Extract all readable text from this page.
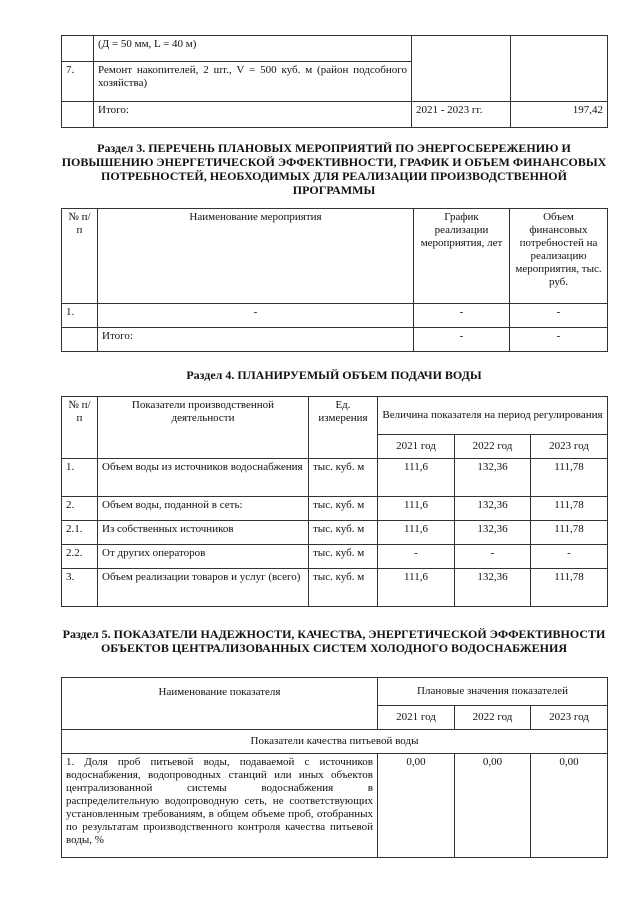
	(Д = 50 мм, L = 40 м)		
7.	Ремонт накопителей, 2 шт., V = 500 куб. м (район подсобного хозяйства)		
	Итого:	2021 - 2023 гг.	197,42
Раздел 3. ПЕРЕЧЕНЬ ПЛАНОВЫХ МЕРОПРИЯТИЙ ПО ЭНЕРГОСБЕРЕЖЕНИЮ И ПОВЫШЕНИЮ ЭНЕРГЕТИЧЕСКОЙ ЭФФЕКТИВНОСТИ, ГРАФИК И ОБЪЕМ ФИНАНСОВЫХ ПОТРЕБНОСТЕЙ, НЕОБХОДИМЫХ ДЛЯ РЕАЛИЗАЦИИ ПРОИЗВОДСТВЕННОЙ ПРОГРАММЫ
№ п/п	Наименование мероприятия	График реализации мероприятия, лет	Объем финансовых потребностей на реализацию мероприятия, тыс. руб.
1.	-	-	-
	Итого:	-	-
Раздел 4. ПЛАНИРУЕМЫЙ ОБЪЕМ ПОДАЧИ ВОДЫ
№ п/п	Показатели производственной деятельности	Ед. измерения	Величина показателя на период регулирования		
			2021 год	2022 год	2023 год
1.	Объем воды из источников водоснабжения	тыс. куб. м	111,6	132,36	111,78
2.	Объем воды, поданной в сеть:	тыс. куб. м	111,6	132,36	111,78
2.1.	Из собственных источников	тыс. куб. м	111,6	132,36	111,78
2.2.	От других операторов	тыс. куб. м	-	-	-
3.	Объем реализации товаров и услуг (всего)	тыс. куб. м	111,6	132,36	111,78
Раздел 5. ПОКАЗАТЕЛИ НАДЕЖНОСТИ, КАЧЕСТВА, ЭНЕРГЕТИЧЕСКОЙ ЭФФЕКТИВНОСТИ ОБЪЕКТОВ ЦЕНТРАЛИЗОВАННЫХ СИСТЕМ ХОЛОДНОГО ВОДОСНАБЖЕНИЯ
Наименование показателя	Плановые значения показателей		
	2021 год	2022 год	2023 год
Показатели качества питьевой воды			
1. Доля проб питьевой воды, подаваемой с источников водоснабжения, водопроводных станций или иных объектов централизованной системы водоснабжения в распределительную водопроводную сеть, не соответствующих установленным требованиям, в общем объеме проб, отобранных по результатам производственного контроля качества питьевой воды, %	0,00	0,00	0,00
